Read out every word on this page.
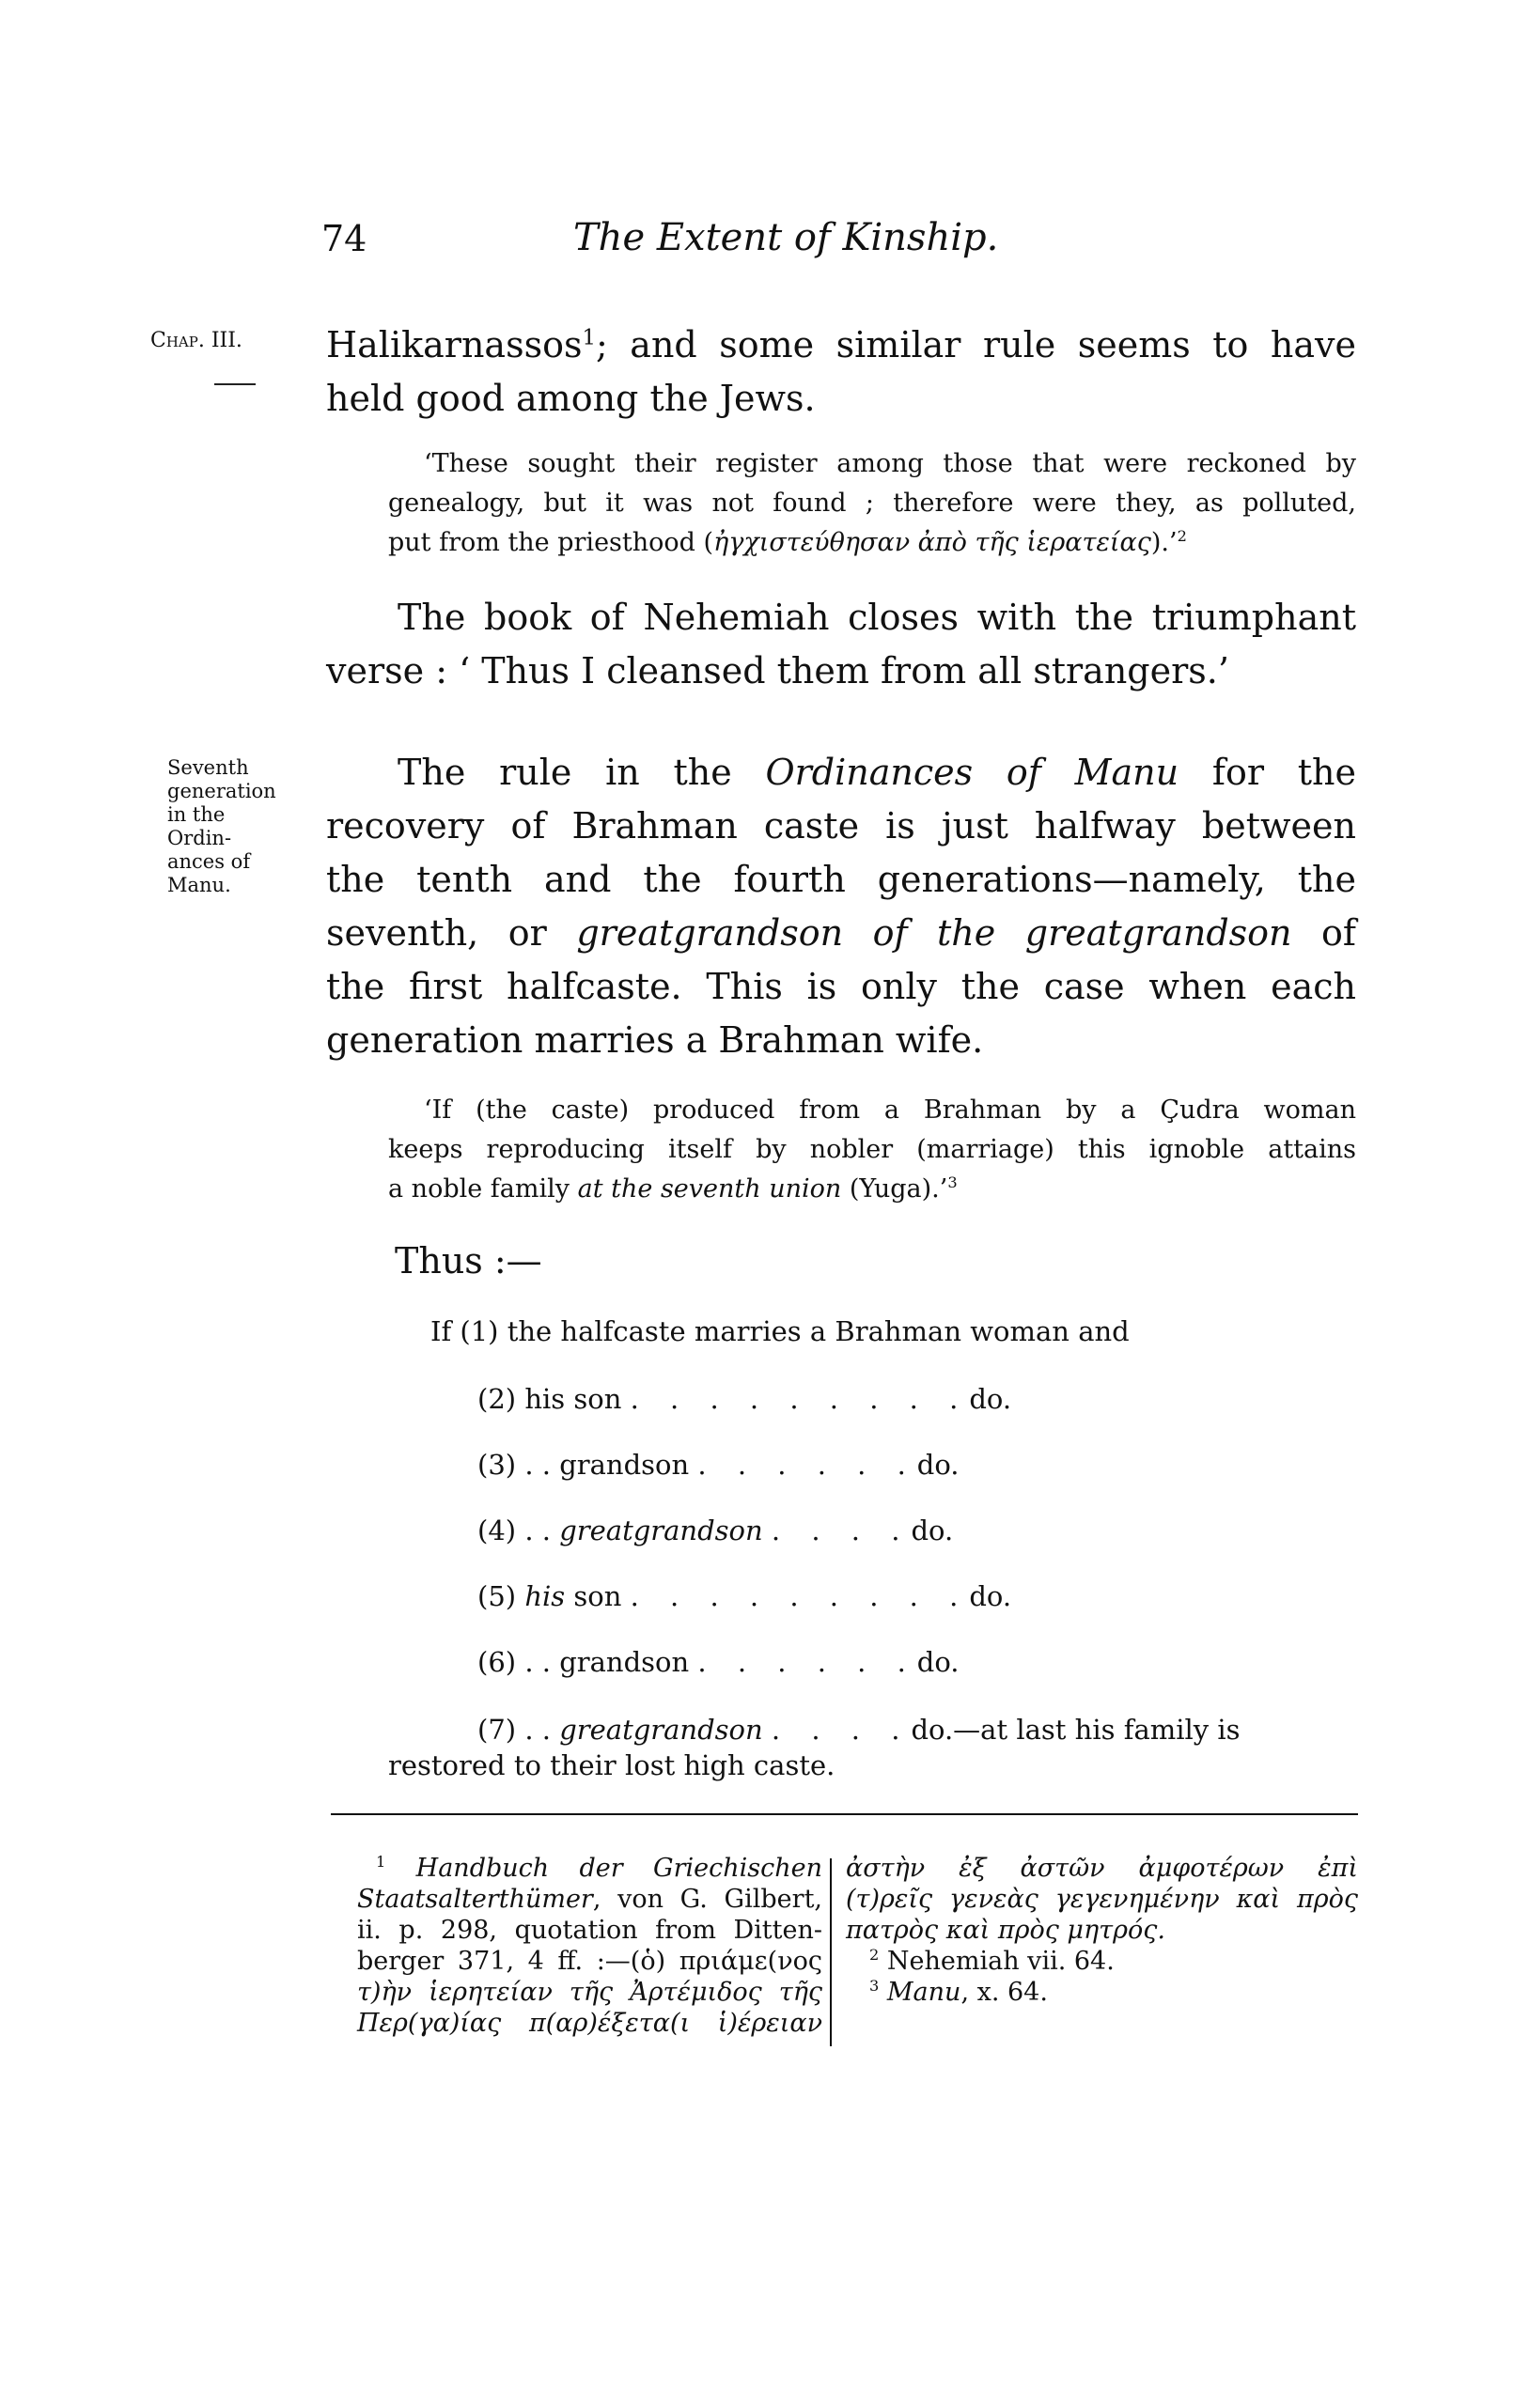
74	The Extent of Kinship.
Chap. III. Halikarnassos$^1$; and some similar rule seems to have
held good among the Jews.
‘These sought their register among those that were reckoned by
genealogy, but it was not found ; therefore were they, as polluted,
put from the priesthood (ἠγχιστεύθησαν ἀπὸ τῆς ἱερατείας).’$^2$
The book of Nehemiah closes with the triumphant
verse : ‘ Thus I cleansed them from all strangers.’
Seventh
generation
in the
Ordin-
ances of
Manu.
The rule in the Ordinances of Manu for the
recovery of Brahman caste is just halfway between
the tenth and the fourth generations—namely, the
seventh, or greatgrandson of the greatgrandson of
the first halfcaste. This is only the case when each
generation marries a Brahman wife.
‘If (the caste) produced from a Brahman by a Çudra woman
keeps reproducing itself by nobler (marriage) this ignoble attains
a noble family at the seventh union (Yuga).’$^3$
Thus :—
If (1) the halfcaste marries a Brahman woman and
(2) his son . . . . . . . . .do.
(3) . . grandson . . . . . .do.
(4) . . greatgrandson . . . .do.
(5) his son . . . . . . . . .do.
(6) . . grandson . . . . . .do.
(7) . . greatgrandson . . . .do.—at last his family is
restored to their lost high caste.
$^1$ Handbuch der Griechischen
Staatsalterthümer, von G. Gilbert,
ii. p. 298, quotation from Ditten-
berger 371, 4 ff. :—(ὁ) πριάμε(νος
τ)ὴν ἱερητείαν τῆς Ἀρτέμιδος τῆς
Περ(γα)ίας π(αρ)έξετα(ι ἱ)έρειαν
ἀστὴν ἐξ ἀστῶν ἀμφοτέρων ἐπὶ
(τ)ρεῖς γενεὰς γεγενημένην καὶ πρὸς
πατρὸς καὶ πρὸς μητρός.
$^2$ Nehemiah vii. 64.
$^3$ Manu, x. 64.
